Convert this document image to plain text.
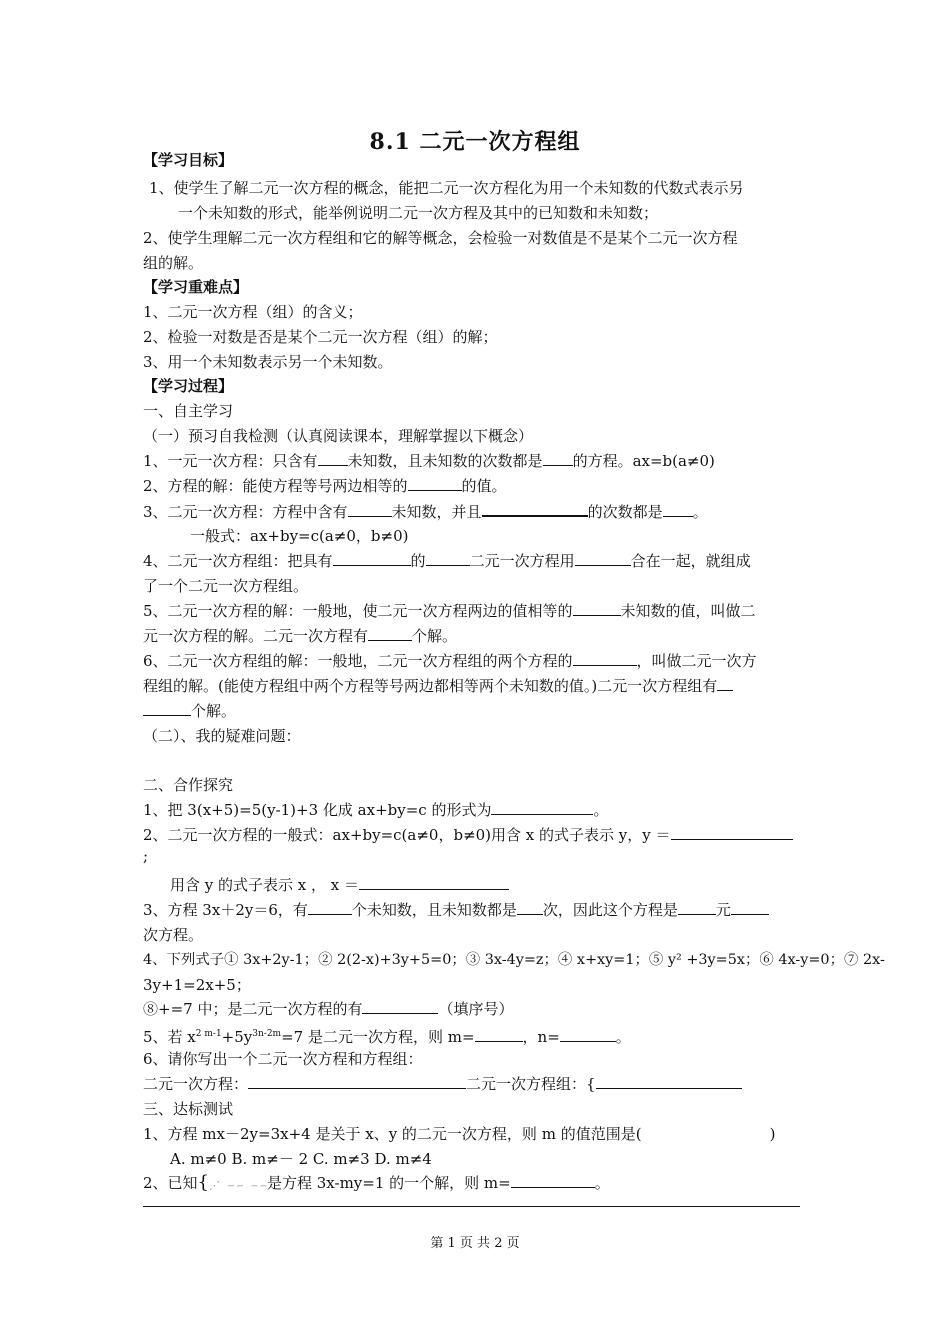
8.1 二元一次方程组
【学习目标】
1、使学生了解二元一次方程的概念，能把二元一次方程化为用一个未知数的代数式表示另
一个未知数的形式，能举例说明二元一次方程及其中的已知数和未知数；
2、使学生理解二元一次方程组和它的解等概念，会检验一对数值是不是某个二元一次方程
组的解。
【学习重难点】
1、二元一次方程（组）的含义；
2、检验一对数是否是某个二元一次方程（组）的解；
3、用一个未知数表示另一个未知数。
【学习过程】
一、自主学习
（一）预习自我检测（认真阅读课本，理解掌握以下概念）
1、一元一次方程：只含有 未知数，且未知数的次数都是 的方程。ax=b(a≠0)
2、方程的解：能使方程等号两边相等的	的值。
3、二元一次方程：方程中含有	未知数，并且	的次数都是 。
一般式：ax+by=c(a≠0，b≠0)
4、二元一次方程组：把具有	的	二元一次方程用	合在一起，就组成
了一个二元一次方程组。
5、二元一次方程的解：一般地，使二元一次方程两边的值相等的	未知数的值，叫做二
元一次方程的解。二元一次方程有	个解。
6、二元一次方程组的解：一般地，二元一次方程组的两个方程的	，叫做二元一次方
程组的解。(能使方程组中两个方程等号两边都相等两个未知数的值。)二元一次方程组有
个解。
（二）、我的疑难问题：
二、合作探究
1、把 3(x+5)=5(y-1)+3 化成 ax+by=c 的形式为	。
2、二元一次方程的一般式：ax+by=c(a≠0，b≠0)用含 x 的式子表示 y，y ＝
;
用含 y 的式子表示 x ， x ＝
3、方程 3x＋2y＝6，有	个未知数，且未知数都是 次，因此这个方程是	元
次方程。
4、下列式子① 3x+2y-1；② 2(2-x)+3y+5=0；③ 3x-4y=z；④ x+xy=1；⑤ y² +3y=5x；⑥ 4x-y=0；⑦ 2x-
3y+1=2x+5；
⑧+=7 中；是二元一次方程的有	（填序号）
5、若 $x^{2 m-1}+5y^{3n-2m}=7$ 是二元一次方程，则 m=	，n=	。
6、请你写出一个二元一次方程和方程组：
二元一次方程：	二元一次方程组：{
三、达标测试
1、方程 mx－2y=3x+4 是关于 x、y 的二元一次方程，则 m 的值范围是(	)
A. m≠0 B. m≠－ 2 C. m≠3 D. m≠4
2、已知{⋰ ‒‒ ‒‒是方程 3x-my=1 的一个解，则 m=	。
第 1 页 共 2 页
